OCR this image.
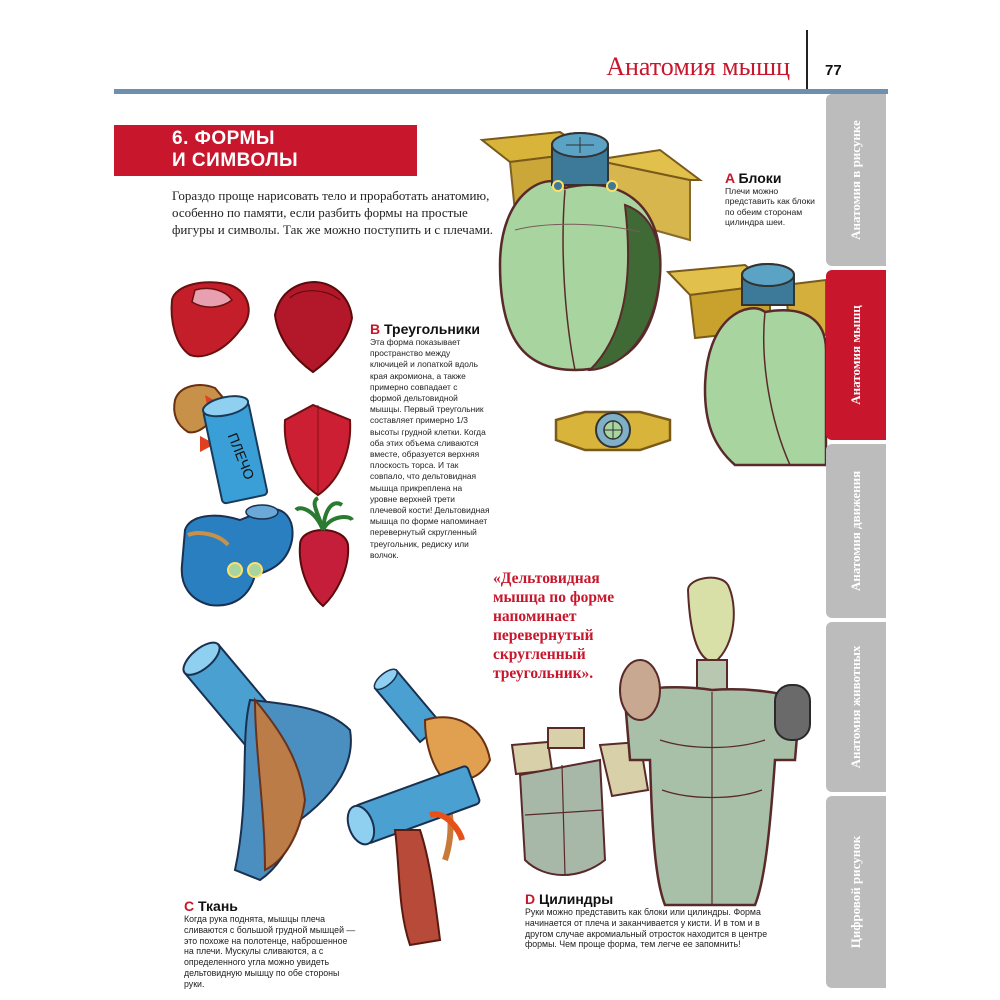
Анатомия мышц 77
6. ФОРМЫ
И СИМВОЛЫ
Гораздо проще нарисовать тело и проработать анатомию, особенно по памяти, если разбить формы на простые фигуры и символы. Так же можно поступить и с плечами.
ПЛЕЧО
A Блоки
Плечи можно представить как блоки по обеим сторонам цилиндра шеи.
B Треугольники
Эта форма показывает пространство между ключицей и лопаткой вдоль края акромиона, а также примерно совпадает с формой дельтовидной мышцы. Первый треугольник составляет примерно 1/3 высоты грудной клетки. Когда оба этих объема сливаются вместе, образуется верхняя плоскость торса. И так совпало, что дельтовидная мышца прикреплена на уровне верхней трети плечевой кости! Дельтовидная мышца по форме напоминает перевернутый скругленный треугольник, редиску или волчок.
«Дельтовидная мышца по форме напоминает перевернутый скругленный треугольник».
C Ткань
Когда рука поднята, мышцы плеча сливаются с большой грудной мышцей — это похоже на полотенце, наброшенное на плечи. Мускулы сливаются, а с определенного угла можно увидеть дельтовидную мышцу по обе стороны руки.
D Цилиндры
Руки можно представить как блоки или цилиндры. Форма начинается от плеча и заканчивается у кисти. И в том и в другом случае акромиальный отросток находится в центре формы. Чем проще форма, тем легче ее запомнить!
Анатомия в рисунке
Анатомия мышц
Анатомия движения
Анатомия животных
Цифровой рисунок
